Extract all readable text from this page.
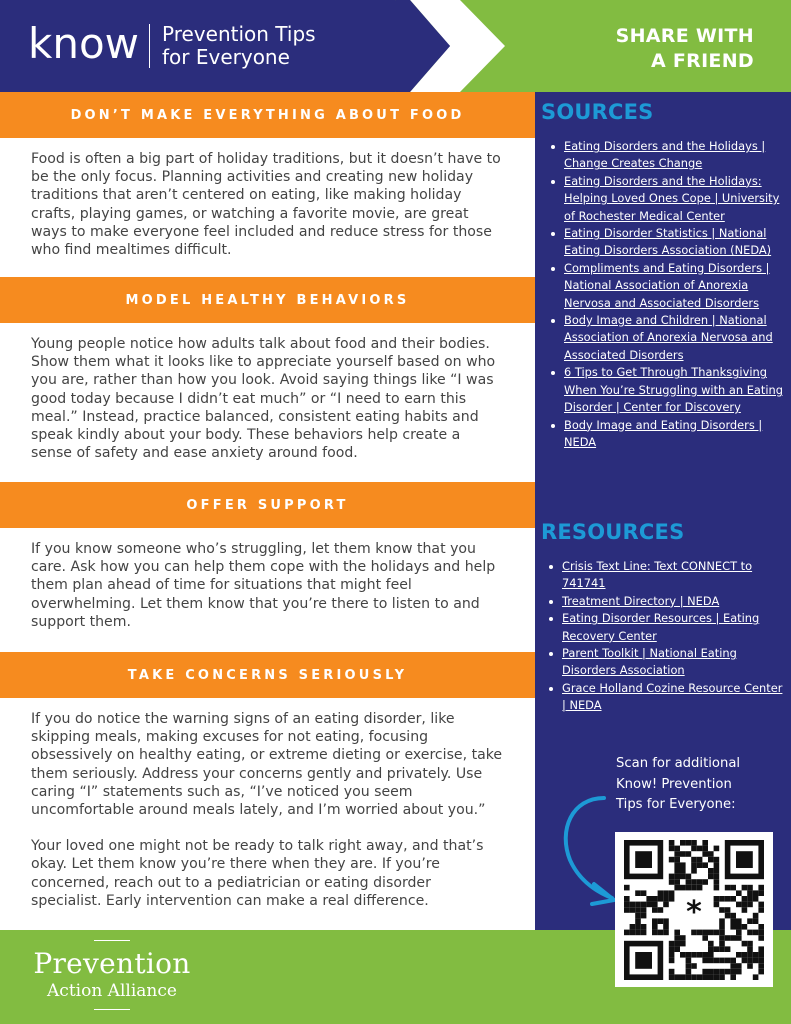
know Prevention Tips
for Everyone
SHARE WITH
A FRIEND
DON’T MAKE EVERYTHING ABOUT FOOD

Food is often a big part of holiday traditions, but it doesn’t have to be the only focus. Planning activities and creating new holiday traditions that aren’t centered on eating, like making holiday crafts, playing games, or watching a favorite movie, are great ways to make everyone feel included and reduce stress for those who find mealtimes difficult.

MODEL HEALTHY BEHAVIORS

Young people notice how adults talk about food and their bodies. Show them what it looks like to appreciate yourself based on who you are, rather than how you look. Avoid saying things like “I was good today because I didn’t eat much” or “I need to earn this meal.” Instead, practice balanced, consistent eating habits and speak kindly about your body. These behaviors help create a sense of safety and ease anxiety around food.

OFFER SUPPORT

If you know someone who’s struggling, let them know that you care. Ask how you can help them cope with the holidays and help them plan ahead of time for situations that might feel overwhelming. Let them know that you’re there to listen to and support them.

TAKE CONCERNS SERIOUSLY

If you do notice the warning signs of an eating disorder, like skipping meals, making excuses for not eating, focusing obsessively on healthy eating, or extreme dieting or exercise, take them seriously. Address your concerns gently and privately. Use caring “I” statements such as, “I’ve noticed you seem uncomfortable around meals lately, and I’m worried about you.”

Your loved one might not be ready to talk right away, and that’s okay. Let them know you’re there when they are. If you’re concerned, reach out to a pediatrician or eating disorder specialist. Early intervention can make a real difference.

SOURCES
Eating Disorders and the Holidays | Change Creates Change
Eating Disorders and the Holidays: Helping Loved Ones Cope | University of Rochester Medical Center
Eating Disorder Statistics | National Eating Disorders Association (NEDA)
Compliments and Eating Disorders | National Association of Anorexia Nervosa and Associated Disorders
Body Image and Children | National Association of Anorexia Nervosa and Associated Disorders
6 Tips to Get Through Thanksgiving When You’re Struggling with an Eating Disorder | Center for Discovery
Body Image and Eating Disorders | NEDA
RESOURCES
Crisis Text Line: Text CONNECT to 741741
Treatment Directory | NEDA
Eating Disorder Resources | Eating Recovery Center
Parent Toolkit | National Eating Disorders Association
Grace Holland Cozine Resource Center | NEDA
Scan for additional
Know! Prevention
Tips for Everyone:
Prevention
Action Alliance
*
